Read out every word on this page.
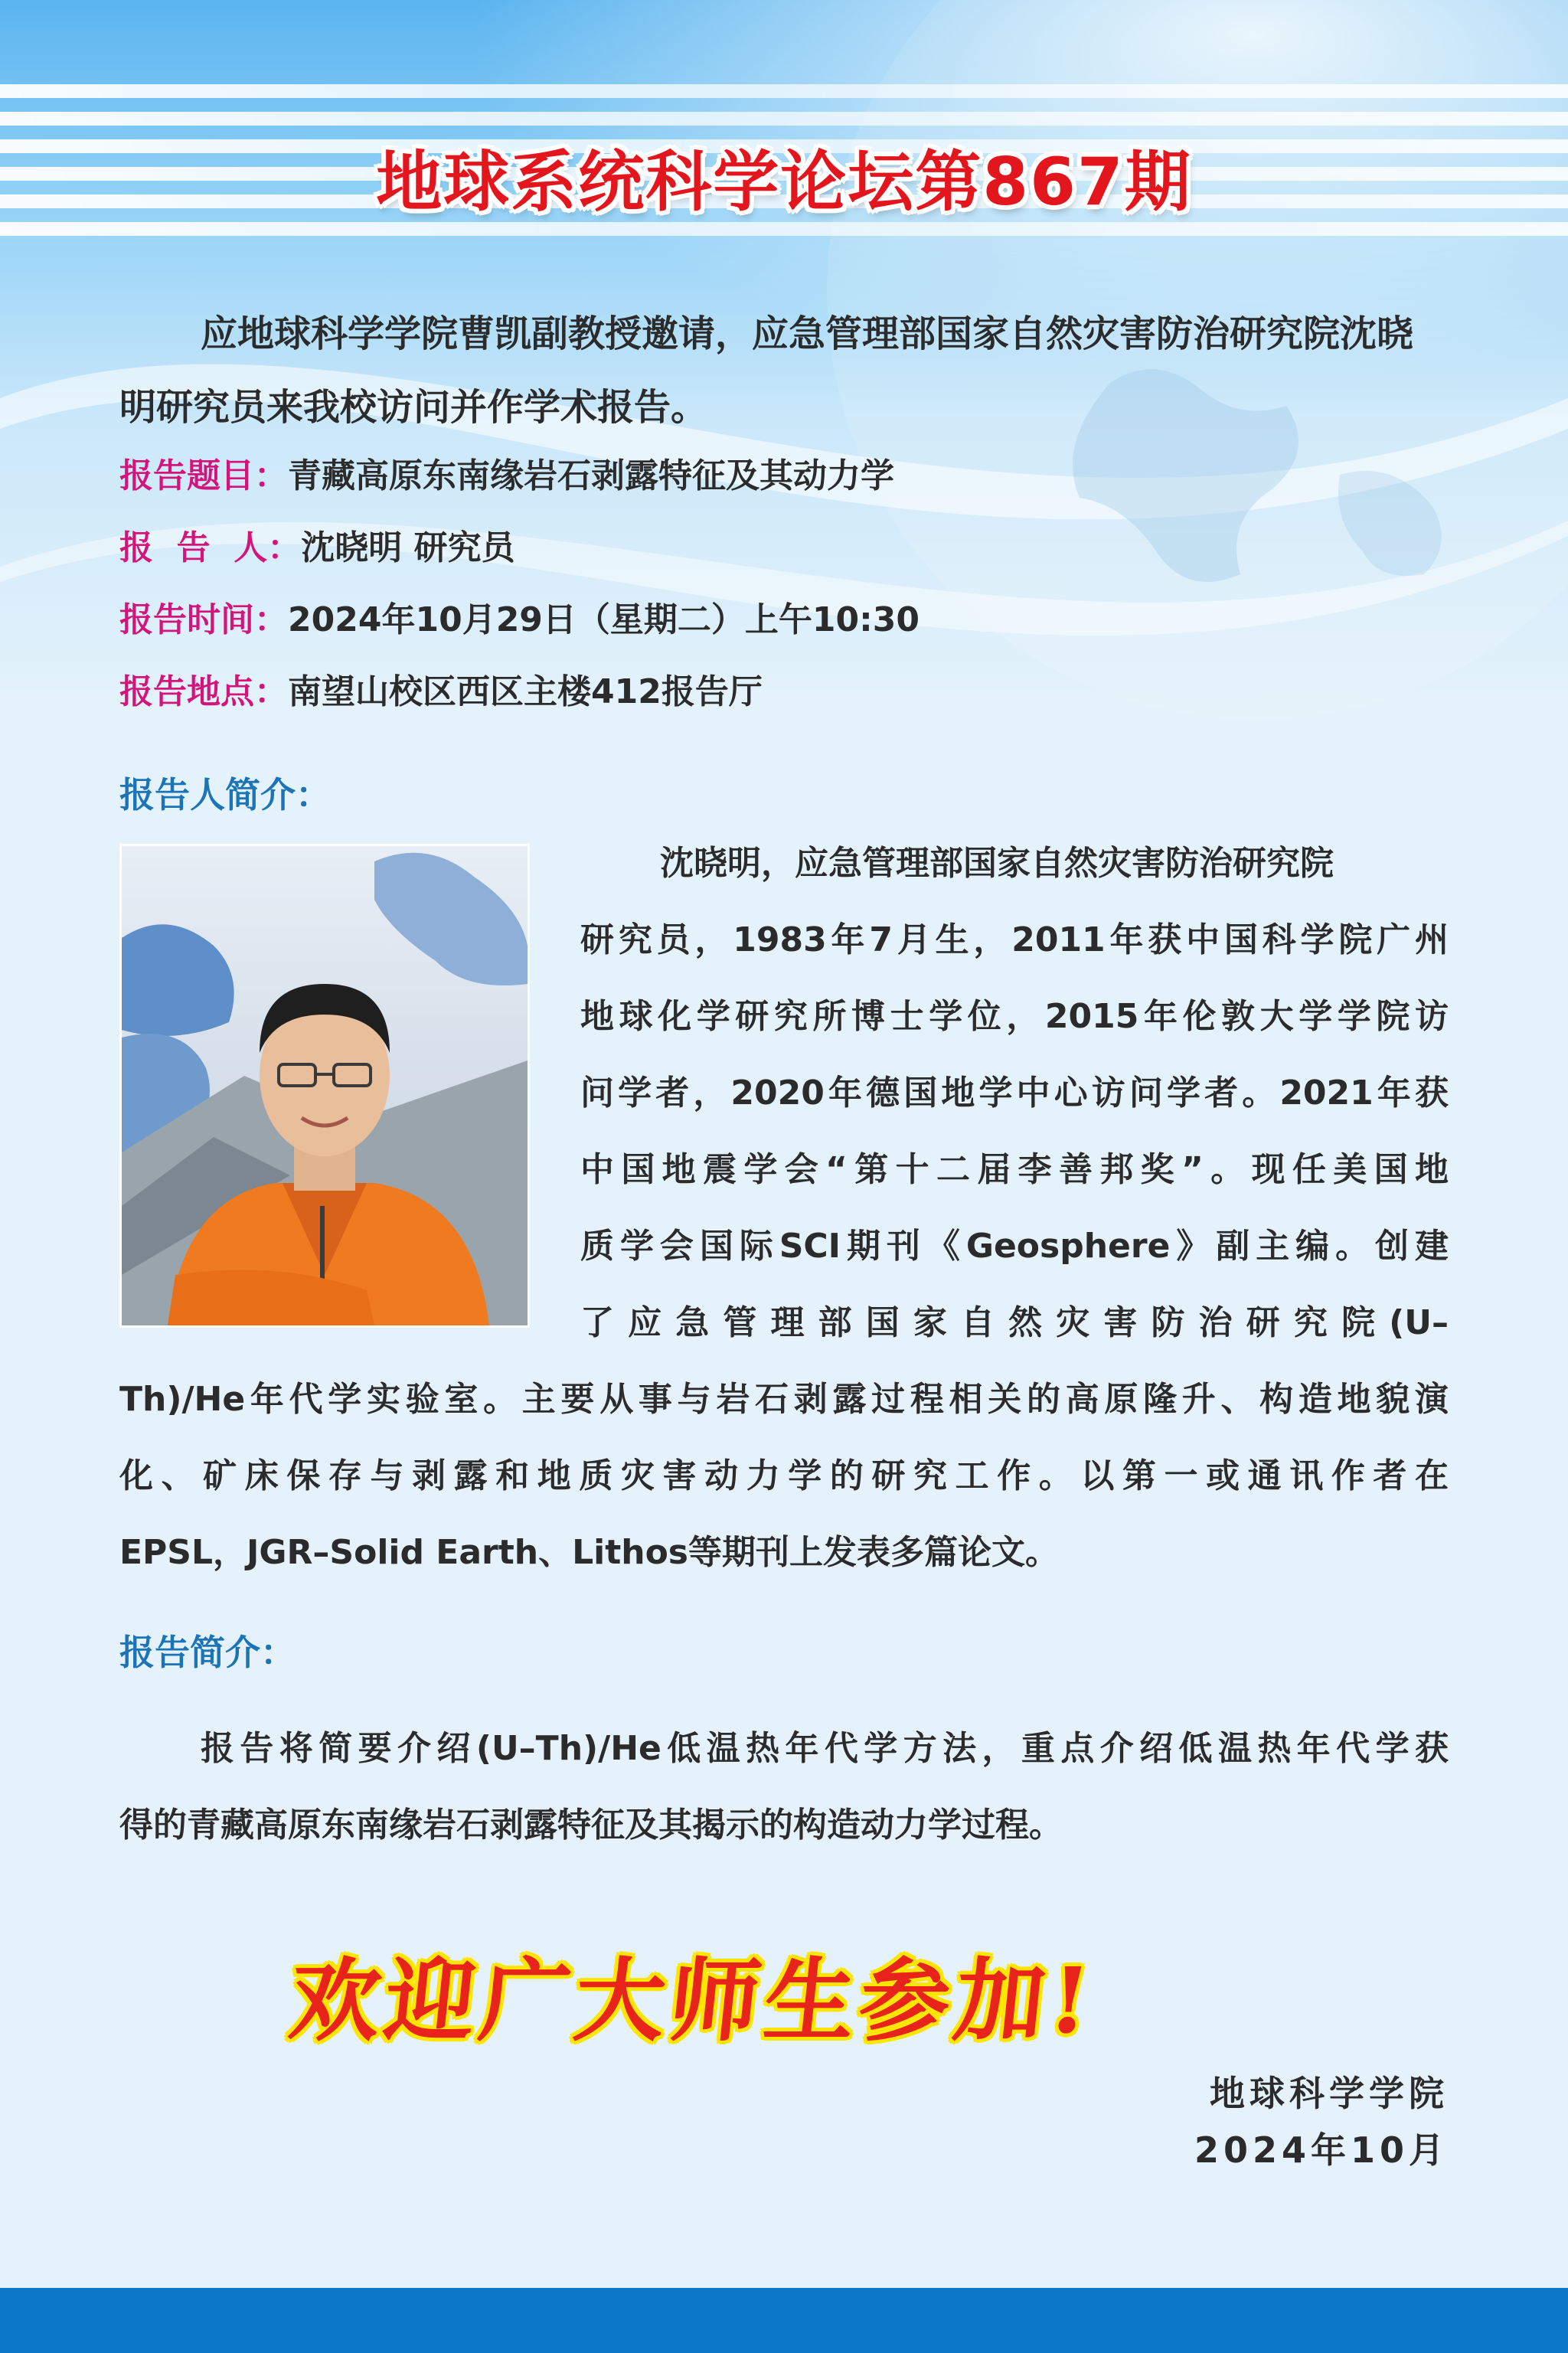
地球系统科学论坛第867期
应地球科学学院曹凯副教授邀请，应急管理部国家自然灾害防治研究院沈晓明研究员来我校访问并作学术报告。
报告题目：青藏高原东南缘岩石剥露特征及其动力学
报  告  人：沈晓明 研究员
报告时间：2024年10月29日（星期二）上午10:30
报告地点：南望山校区西区主楼412报告厅
报告人简介：
沈晓明，应急管理部国家自然灾害防治研究院
研究员，1983年7月生，2011年获中国科学院广州
地球化学研究所博士学位，2015年伦敦大学学院访
问学者，2020年德国地学中心访问学者。2021年获
中国地震学会“第十二届李善邦奖”。现任美国地
质学会国际SCI期刊《Geosphere》副主编。创建
了应急管理部国家自然灾害防治研究院(U–
Th)/He年代学实验室。主要从事与岩石剥露过程相关的高原隆升、构造地貌演
化、矿床保存与剥露和地质灾害动力学的研究工作。以第一或通讯作者在
EPSL，JGR–Solid Earth、Lithos等期刊上发表多篇论文。
报告简介：
报告将简要介绍(U–Th)/He低温热年代学方法，重点介绍低温热年代学获
得的青藏高原东南缘岩石剥露特征及其揭示的构造动力学过程。
欢迎广大师生参加!
地球科学学院
2024年10月
